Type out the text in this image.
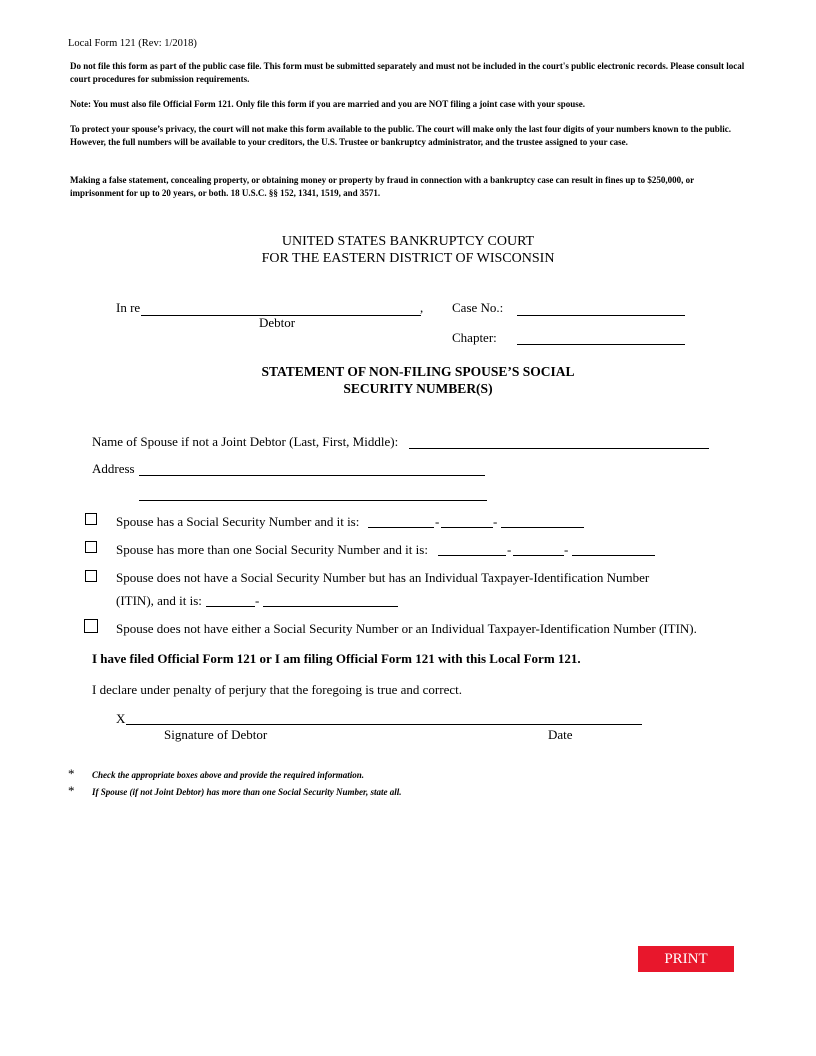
Local Form 121 (Rev: 1/2018)
Do not file this form as part of the public case file. This form must be submitted separately and must not be included in the court's public electronic records. Please consult local court procedures for submission requirements.
Note: You must also file Official Form 121. Only file this form if you are married and you are NOT filing a joint case with your spouse.
To protect your spouse’s privacy, the court will not make this form available to the public. The court will make only the last four digits of your numbers known to the public. However, the full numbers will be available to your creditors, the U.S. Trustee or bankruptcy administrator, and the trustee assigned to your case.
Making a false statement, concealing property, or obtaining money or property by fraud in connection with a bankruptcy case can result in fines up to $250,000, or imprisonment for up to 20 years, or both. 18 U.S.C. §§ 152, 1341, 1519, and 3571.
UNITED STATES BANKRUPTCY COURT
FOR THE EASTERN DISTRICT OF WISCONSIN
In re	,
Debtor
Case No.:
Chapter:
STATEMENT OF NON-FILING SPOUSE’S SOCIAL
SECURITY NUMBER(S)
Name of Spouse if not a Joint Debtor (Last, First, Middle):
Address
Spouse has a Social Security Number and it is:	-	-
Spouse has more than one Social Security Number and it is:	-	-
Spouse does not have a Social Security Number but has an Individual Taxpayer-Identification Number
(ITIN), and it is:	-
Spouse does not have either a Social Security Number or an Individual Taxpayer-Identification Number (ITIN).
I have filed Official Form 121 or I am filing Official Form 121 with this Local Form 121.
I declare under penalty of perjury that the foregoing is true and correct.
X
Signature of Debtor	Date
* Check the appropriate boxes above and provide the required information.
* If Spouse (if not Joint Debtor) has more than one Social Security Number, state all.
PRINT
